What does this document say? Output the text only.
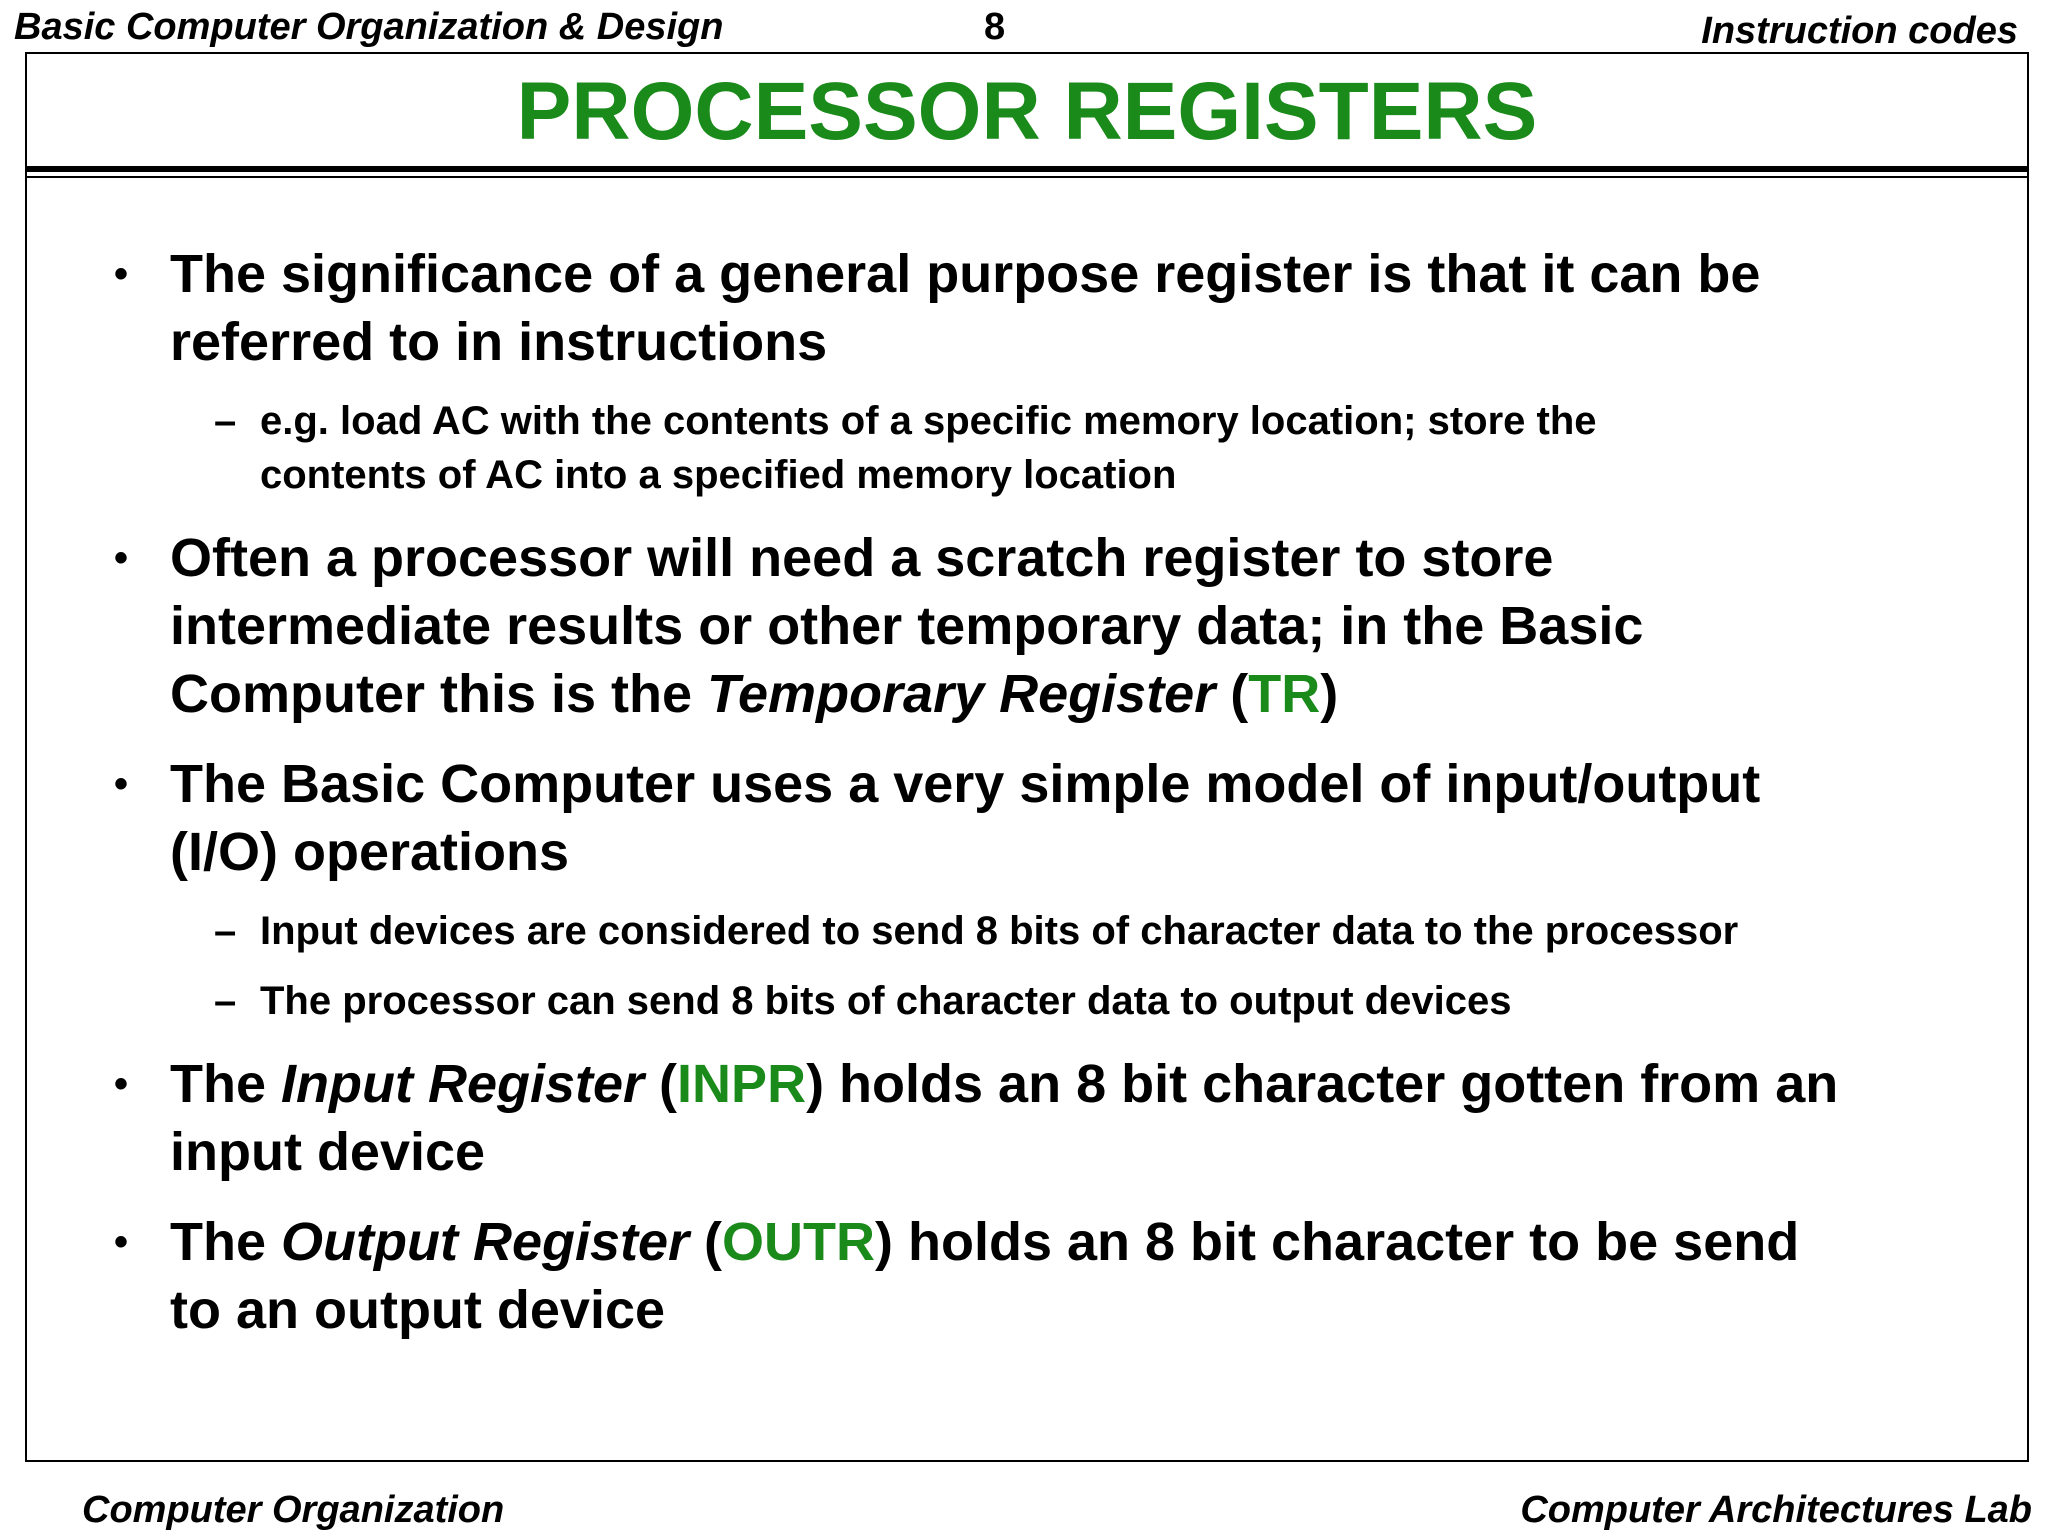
Basic Computer Organization & Design	8	Instruction codes
PROCESSOR REGISTERS
• The significance of a general purpose register is that it can be
referred to in instructions
– e.g. load AC with the contents of a specific memory location; store the
contents of AC into a specified memory location
• Often a processor will need a scratch register to store
intermediate results or other temporary data; in the Basic
Computer this is the Temporary Register (TR)
• The Basic Computer uses a very simple model of input/output
(I/O) operations
– Input devices are considered to send 8 bits of character data to the processor
– The processor can send 8 bits of character data to output devices
• The Input Register (INPR) holds an 8 bit character gotten from an
input device
• The Output Register (OUTR) holds an 8 bit character to be send
to an output device
Computer Organization	Computer Architectures Lab
